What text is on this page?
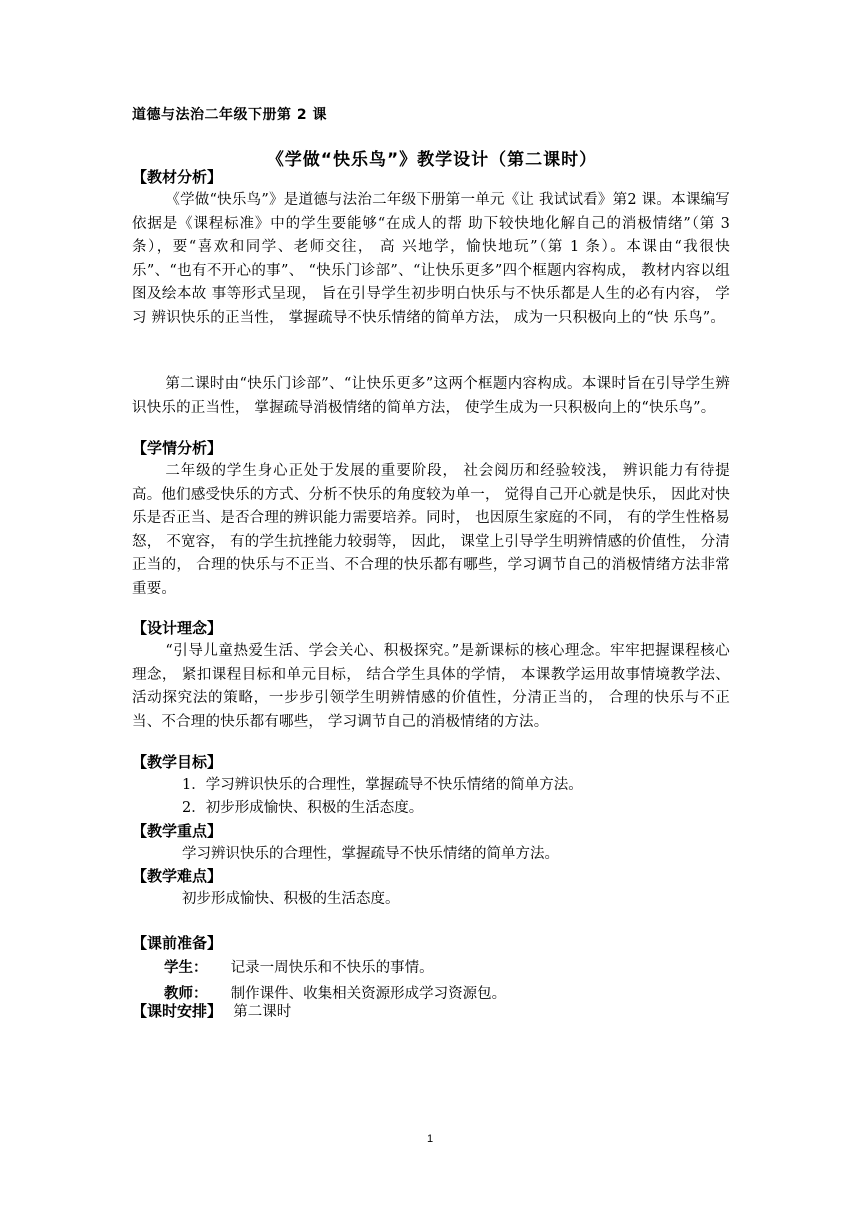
道德与法治二年级下册第 2 课
《学做“快乐鸟”》教学设计（第二课时）

【教材分析】

《学做“快乐鸟”》是道德与法治二年级下册第一单元《让 我试试看》第2 课。本课编写依据是《课程标准》中的学生要能够“在成人的帮 助下较快地化解自己的消极情绪”（第 3 条），要“喜欢和同学、老师交往， 高 兴地学，愉快地玩”（第 1 条）。本课由“我很快乐”、“也有不开心的事”、 “快乐门诊部”、“让快乐更多”四个框题内容构成， 教材内容以组图及绘本故 事等形式呈现， 旨在引导学生初步明白快乐与不快乐都是人生的必有内容， 学习 辨识快乐的正当性， 掌握疏导不快乐情绪的简单方法， 成为一只积极向上的“快 乐鸟”。

第二课时由“快乐门诊部”、“让快乐更多”这两个框题内容构成。本课时旨在引导学生辨识快乐的正当性， 掌握疏导消极情绪的简单方法， 使学生成为一只积极向上的“快乐鸟”。

【学情分析】

二年级的学生身心正处于发展的重要阶段， 社会阅历和经验较浅， 辨识能力有待提高。他们感受快乐的方式、分析不快乐的角度较为单一， 觉得自己开心就是快乐， 因此对快乐是否正当、是否合理的辨识能力需要培养。同时， 也因原生家庭的不同， 有的学生性格易怒， 不宽容， 有的学生抗挫能力较弱等， 因此， 课堂上引导学生明辨情感的价值性， 分清正当的， 合理的快乐与不正当、不合理的快乐都有哪些，学习调节自己的消极情绪方法非常重要。

【设计理念】

“引导儿童热爱生活、学会关心、积极探究。”是新课标的核心理念。牢牢把握课程核心理念， 紧扣课程目标和单元目标， 结合学生具体的学情， 本课教学运用故事情境教学法、活动探究法的策略，一步步引领学生明辨情感的价值性，分清正当的， 合理的快乐与不正当、不合理的快乐都有哪些， 学习调节自己的消极情绪的方法。

【教学目标】

1．学习辨识快乐的合理性，掌握疏导不快乐情绪的简单方法。

2．初步形成愉快、积极的生活态度。

【教学重点】

学习辨识快乐的合理性，掌握疏导不快乐情绪的简单方法。

【教学难点】

初步形成愉快、积极的生活态度。

【课前准备】

学生： 记录一周快乐和不快乐的事情。

教师： 制作课件、收集相关资源形成学习资源包。

【课时安排】 第二课时

1
